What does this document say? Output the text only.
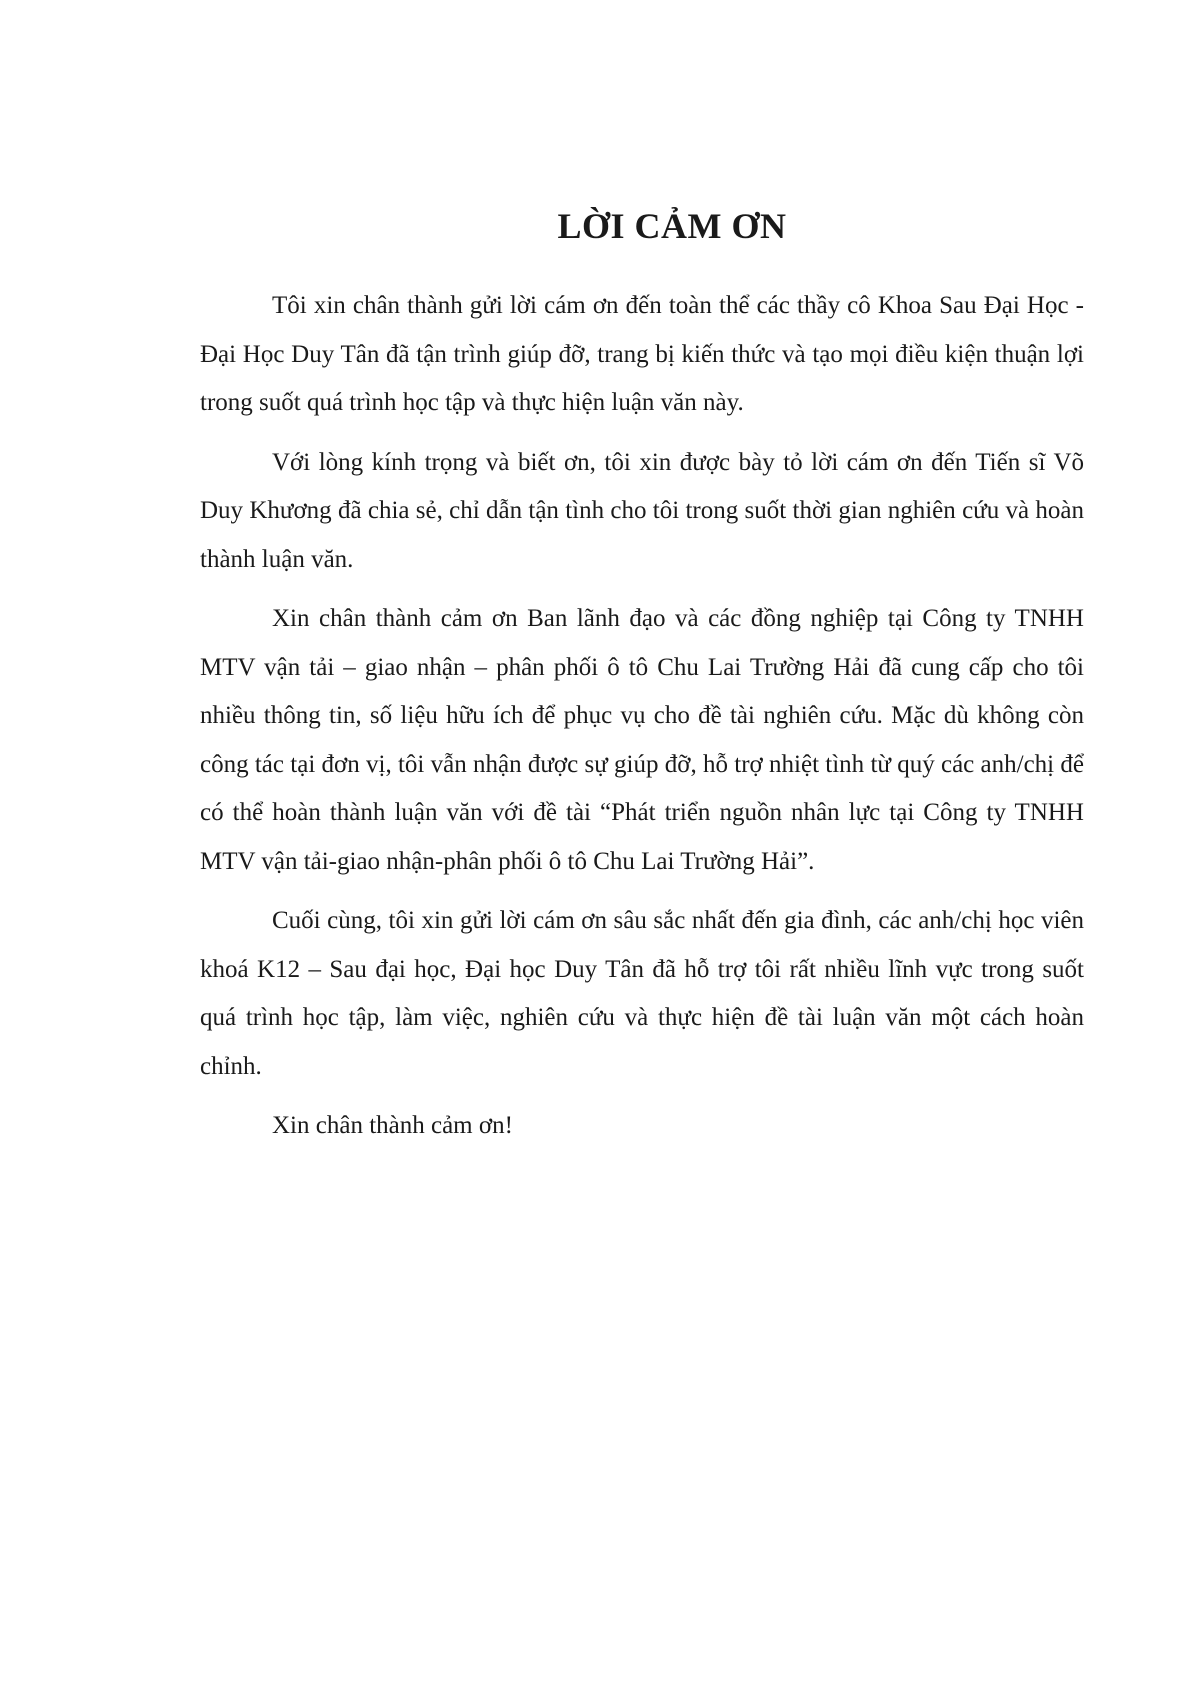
LỜI CẢM ƠN

Tôi xin chân thành gửi lời cám ơn đến toàn thể các thầy cô Khoa Sau Đại Học - Đại Học Duy Tân đã tận trình giúp đỡ, trang bị kiến thức và tạo mọi điều kiện thuận lợi trong suốt quá trình học tập và thực hiện luận văn này.

Với lòng kính trọng và biết ơn, tôi xin được bày tỏ lời cám ơn đến Tiến sĩ Võ Duy Khương đã chia sẻ, chỉ dẫn tận tình cho tôi trong suốt thời gian nghiên cứu và hoàn thành luận văn.

Xin chân thành cảm ơn Ban lãnh đạo và các đồng nghiệp tại Công ty TNHH MTV vận tải – giao nhận – phân phối ô tô Chu Lai Trường Hải đã cung cấp cho tôi nhiều thông tin, số liệu hữu ích để phục vụ cho đề tài nghiên cứu. Mặc dù không còn công tác tại đơn vị, tôi vẫn nhận được sự giúp đỡ, hỗ trợ nhiệt tình từ quý các anh/chị để có thể hoàn thành luận văn với đề tài “Phát triển nguồn nhân lực tại Công ty TNHH MTV vận tải-giao nhận-phân phối ô tô Chu Lai Trường Hải”.

Cuối cùng, tôi xin gửi lời cám ơn sâu sắc nhất đến gia đình, các anh/chị học viên khoá K12 – Sau đại học, Đại học Duy Tân đã hỗ trợ tôi rất nhiều lĩnh vực trong suốt quá trình học tập, làm việc, nghiên cứu và thực hiện đề tài luận văn một cách hoàn chỉnh.

Xin chân thành cảm ơn!
